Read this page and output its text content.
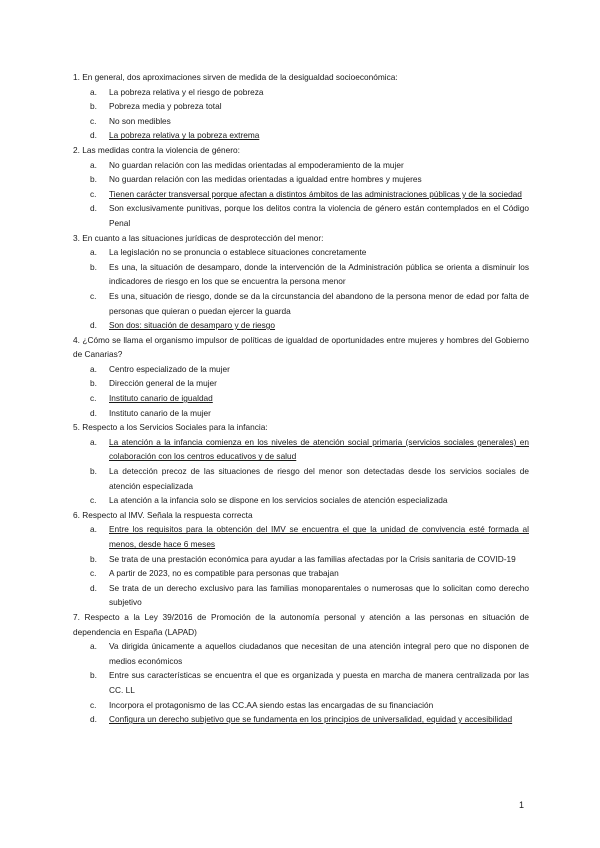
1. En general, dos aproximaciones sirven de medida de la desigualdad socioeconómica:

a. La pobreza relativa y el riesgo de pobreza
b. Pobreza media y pobreza total
c. No son medibles
d. La pobreza relativa y la pobreza extrema

2. Las medidas contra la violencia de género:

a. No guardan relación con las medidas orientadas al empoderamiento de la mujer
b. No guardan relación con las medidas orientadas a igualdad entre hombres y mujeres
c. Tienen carácter transversal porque afectan a distintos ámbitos de las administraciones públicas y de la sociedad
d. Son exclusivamente punitivas, porque los delitos contra la violencia de género están contemplados en el Código Penal

3. En cuanto a las situaciones jurídicas de desprotección del menor:

a. La legislación no se pronuncia o establece situaciones concretamente
b. Es una, la situación de desamparo, donde la intervención de la Administración pública se orienta a disminuir los indicadores de riesgo en los que se encuentra la persona menor
c. Es una, situación de riesgo, donde se da la circunstancia del abandono de la persona menor de edad por falta de personas que quieran o puedan ejercer la guarda
d. Son dos: situación de desamparo y de riesgo

4. ¿Cómo se llama el organismo impulsor de políticas de igualdad de oportunidades entre mujeres y hombres del Gobierno de Canarias?

a. Centro especializado de la mujer
b. Dirección general de la mujer
c. Instituto canario de igualdad
d. Instituto canario de la mujer

5. Respecto a los Servicios Sociales para la infancia:

a. La atención a la infancia comienza en los niveles de atención social primaria (servicios sociales generales) en colaboración con los centros educativos y de salud
b. La detección precoz de las situaciones de riesgo del menor son detectadas desde los servicios sociales de atención especializada
c. La atención a la infancia solo se dispone en los servicios sociales de atención especializada

6. Respecto al IMV. Señala la respuesta correcta

a. Entre los requisitos para la obtención del IMV se encuentra el que la unidad de convivencia esté formada al menos, desde hace 6 meses
b. Se trata de una prestación económica para ayudar a las familias afectadas por la Crisis sanitaria de COVID-19
c. A partir de 2023, no es compatible para personas que trabajan
d. Se trata de un derecho exclusivo para las familias monoparentales o numerosas que lo solicitan como derecho subjetivo

7. Respecto a la Ley 39/2016 de Promoción de la autonomía personal y atención a las personas en situación de dependencia en España (LAPAD)

a. Va dirigida únicamente a aquellos ciudadanos que necesitan de una atención integral pero que no disponen de medios económicos
b. Entre sus características se encuentra el que es organizada y puesta en marcha de manera centralizada por las CC. LL
c. Incorpora el protagonismo de las CC.AA siendo estas las encargadas de su financiación
d. Configura un derecho subjetivo que se fundamenta en los principios de universalidad, equidad y accesibilidad
1
